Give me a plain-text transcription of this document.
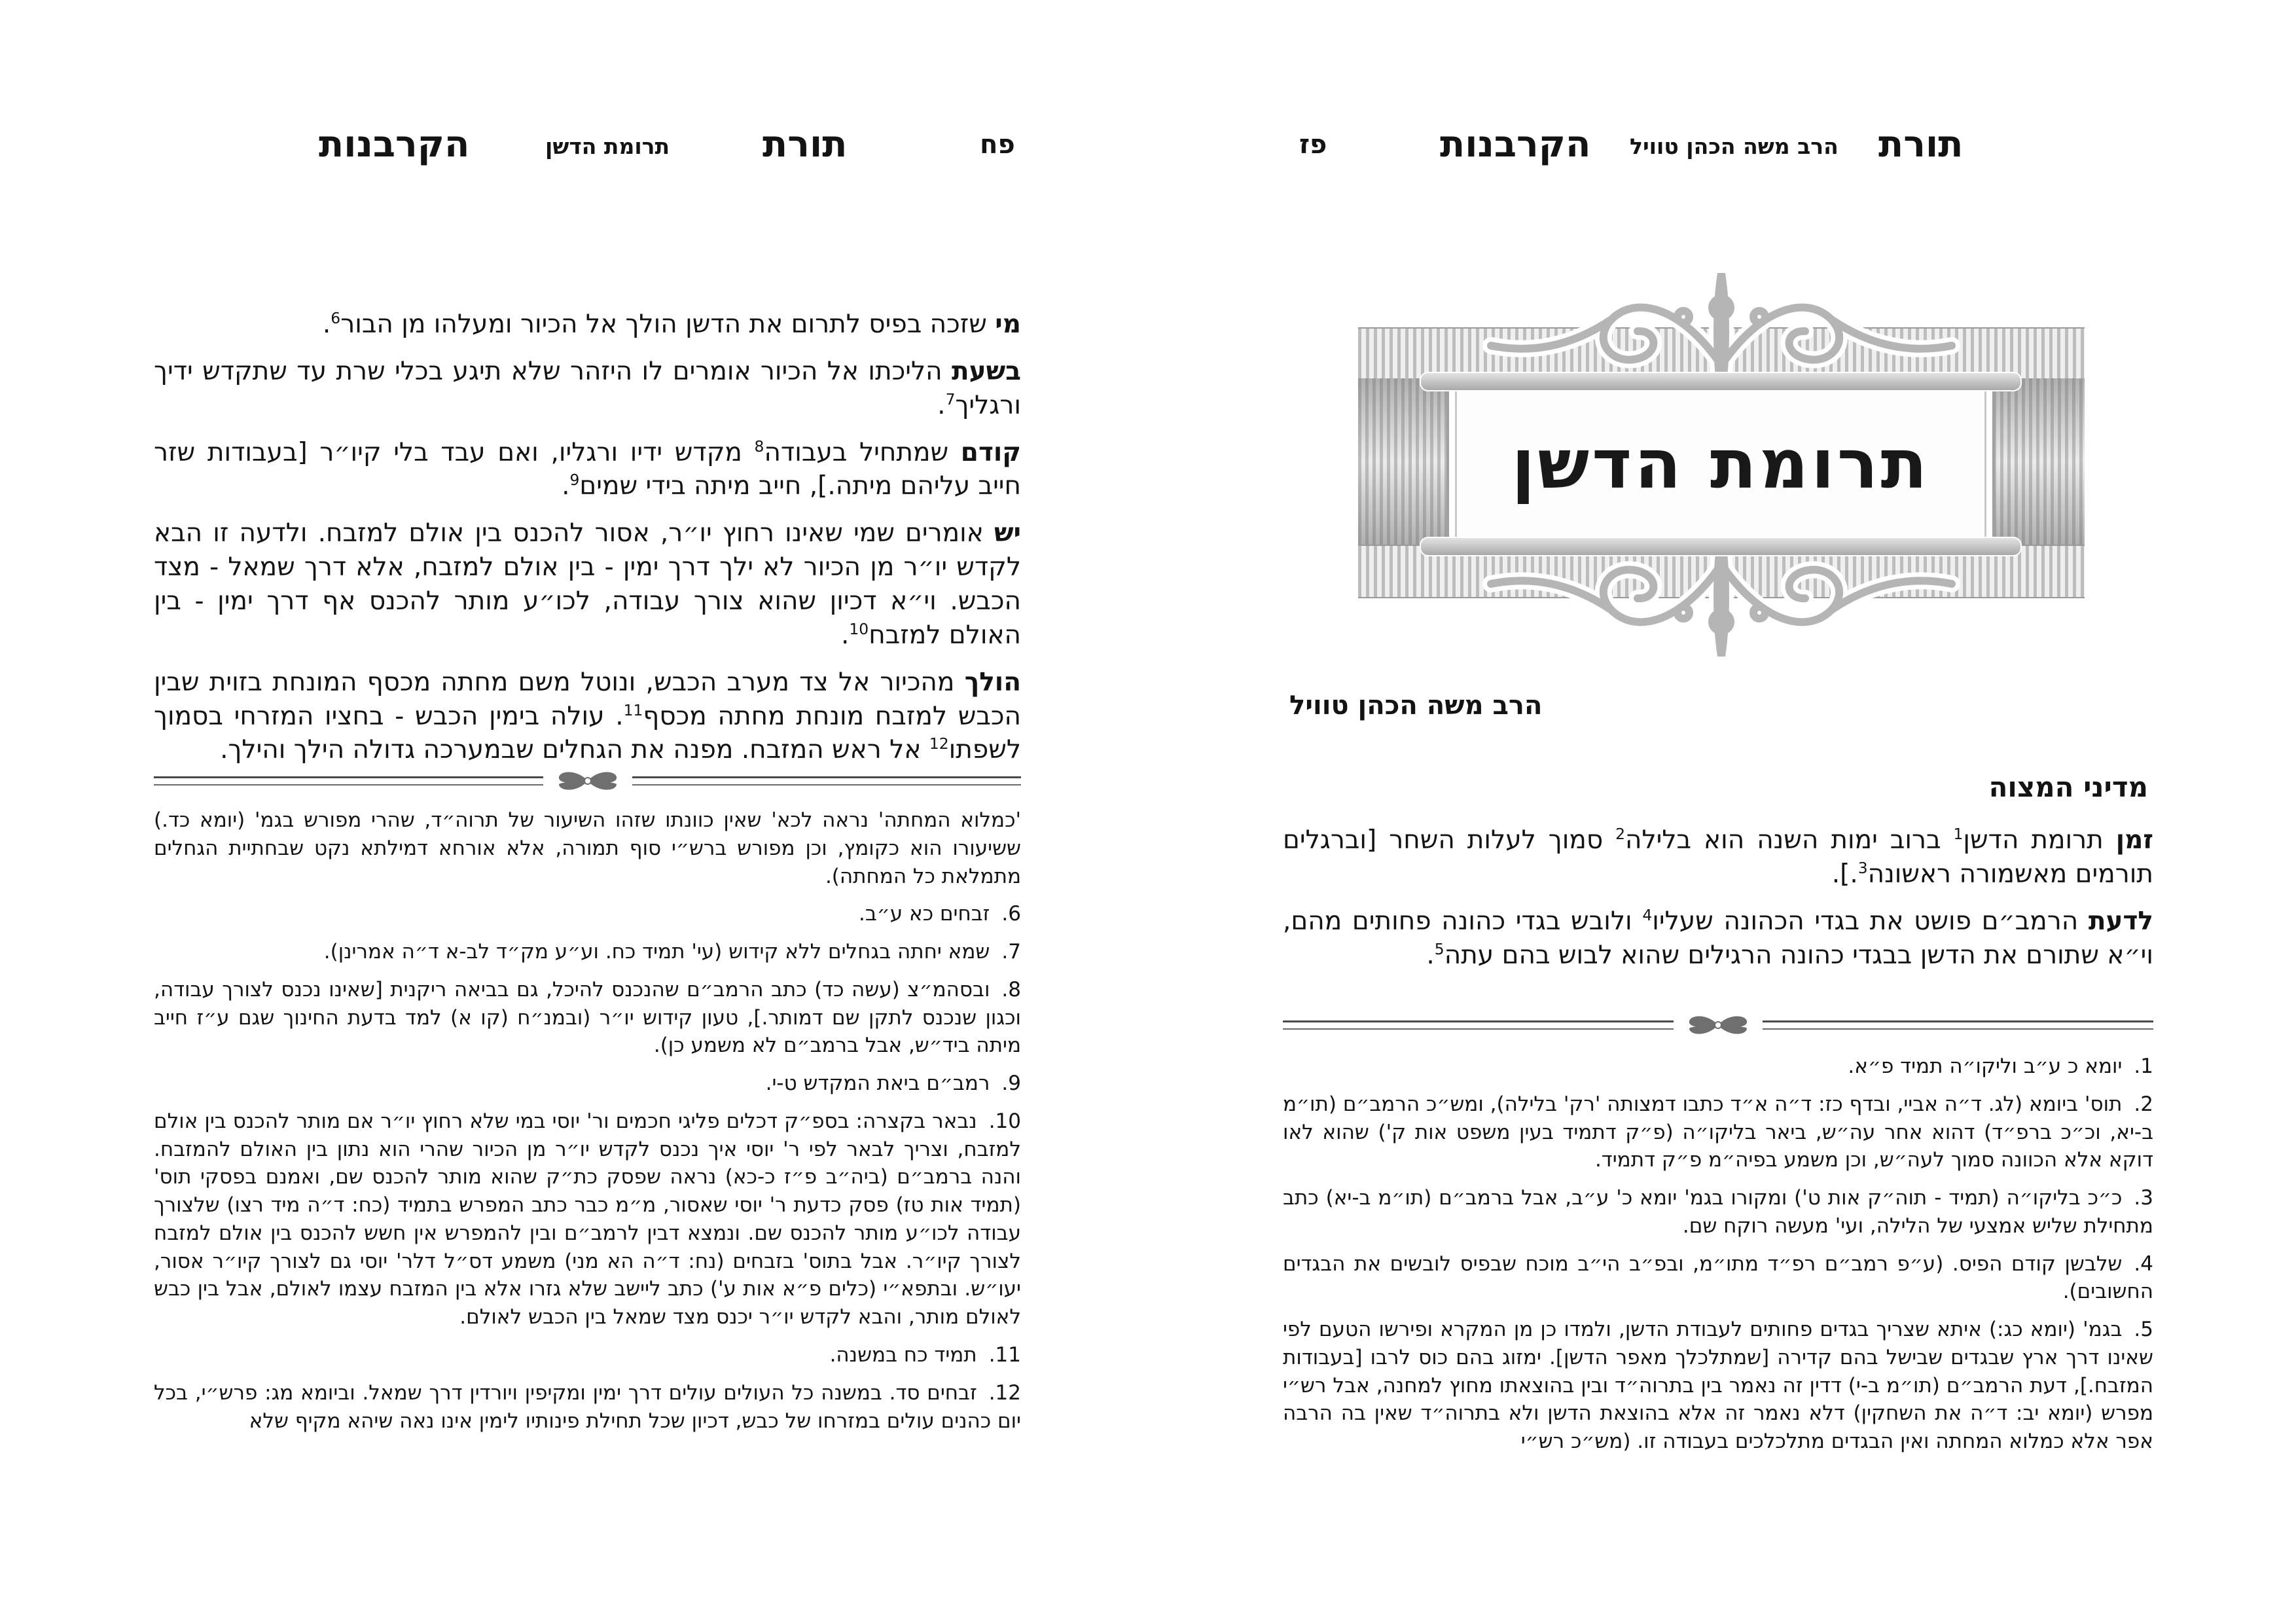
תורת
הרב משה הכהן טוויל
הקרבנות
פז
תרומת הדשן
הרב משה הכהן טוויל
מדיני המצוה
זמן תרומת הדשן$^1$ ברוב ימות השנה הוא בלילה$^2$ סמוך לעלות השחר [וברגלים תורמים מאשמורה ראשונה$^3$.].
לדעת הרמב״ם פושט את בגדי הכהונה שעליו$^4$ ולובש בגדי כהונה פחותים מהם, וי״א שתורם את הדשן בבגדי כהונה הרגילים שהוא לבוש בהם עתה$^5$.
1.יומא כ ע״ב וליקו״ה תמיד פ״א.
2.תוס' ביומא (לג. ד״ה אביי, ובדף כז: ד״ה א״ד כתבו דמצותה 'רק' בלילה), ומש״כ הרמב״ם (תו״מ ב-יא, וכ״כ ברפ״ד) דהוא אחר עה״ש, ביאר בליקו״ה (פ״ק דתמיד בעין משפט אות ק') שהוא לאו דוקא אלא הכוונה סמוך לעה״ש, וכן משמע בפיה״מ פ״ק דתמיד.
3.כ״כ בליקו״ה (תמיד - תוה״ק אות ט') ומקורו בגמ' יומא כ' ע״ב, אבל ברמב״ם (תו״מ ב-יא) כתב מתחילת שליש אמצעי של הלילה, ועי' מעשה רוקח שם.
4.שלבשן קודם הפיס. (ע״פ רמב״ם רפ״ד מתו״מ, ובפ״ב הי״ב מוכח שבפיס לובשים את הבגדים החשובים).
5.בגמ' (יומא כג:) איתא שצריך בגדים פחותים לעבודת הדשן, ולמדו כן מן המקרא ופירשו הטעם לפי שאינו דרך ארץ שבגדים שבישל בהם קדירה [שמתלכלך מאפר הדשן]. ימזוג בהם כוס לרבו [בעבודות המזבח.], דעת הרמב״ם (תו״מ ב-י) דדין זה נאמר בין בתרוה״ד ובין בהוצאתו מחוץ למחנה, אבל רש״י מפרש (יומא יב: ד״ה את השחקין) דלא נאמר זה אלא בהוצאת הדשן ולא בתרוה״ד שאין בה הרבה אפר אלא כמלוא המחתה ואין הבגדים מתלכלכים בעבודה זו. (מש״כ רש״י
פח
תורת
תרומת הדשן
הקרבנות
מי שזכה בפיס לתרום את הדשן הולך אל הכיור ומעלהו מן הבור$^6$.
בשעת הליכתו אל הכיור אומרים לו היזהר שלא תיגע בכלי שרת עד שתקדש ידיך ורגליך$^7$.
קודם שמתחיל בעבודה$^8$ מקדש ידיו ורגליו, ואם עבד בלי קיו״ר [בעבודות שזר חייב עליהם מיתה.], חייב מיתה בידי שמים$^9$.
יש אומרים שמי שאינו רחוץ יו״ר, אסור להכנס בין אולם למזבח. ולדעה זו הבא לקדש יו״ר מן הכיור לא ילך דרך ימין - בין אולם למזבח, אלא דרך שמאל - מצד הכבש. וי״א דכיון שהוא צורך עבודה, לכו״ע מותר להכנס אף דרך ימין - בין האולם למזבח$^{10}$.
הולך מהכיור אל צד מערב הכבש, ונוטל משם מחתה מכסף המונחת בזוית שבין הכבש למזבח מונחת מחתה מכסף$^{11}$. עולה בימין הכבש - בחציו המזרחי בסמוך לשפתו$^{12}$ אל ראש המזבח. מפנה את הגחלים שבמערכה גדולה הילך והילך.
'כמלוא המחתה' נראה לכא' שאין כוונתו שזהו השיעור של תרוה״ד, שהרי מפורש בגמ' (יומא כד.) ששיעורו הוא כקומץ, וכן מפורש ברש״י סוף תמורה, אלא אורחא דמילתא נקט שבחתיית הגחלים מתמלאת כל המחתה).
6.זבחים כא ע״ב.
7.שמא יחתה בגחלים ללא קידוש (עי' תמיד כח. וע״ע מק״ד לב-א ד״ה אמרינן).
8.ובסהמ״צ (עשה כד) כתב הרמב״ם שהנכנס להיכל, גם בביאה ריקנית [שאינו נכנס לצורך עבודה, וכגון שנכנס לתקן שם דמותר.], טעון קידוש יו״ר (ובמנ״ח (קו א) למד בדעת החינוך שגם ע״ז חייב מיתה ביד״ש, אבל ברמב״ם לא משמע כן).
9.רמב״ם ביאת המקדש ט-י.
10.נבאר בקצרה: בספ״ק דכלים פליגי חכמים ור' יוסי במי שלא רחוץ יו״ר אם מותר להכנס בין אולם למזבח, וצריך לבאר לפי ר' יוסי איך נכנס לקדש יו״ר מן הכיור שהרי הוא נתון בין האולם להמזבח. והנה ברמב״ם (ביה״ב פ״ז כ-כא) נראה שפסק כת״ק שהוא מותר להכנס שם, ואמנם בפסקי תוס' (תמיד אות טז) פסק כדעת ר' יוסי שאסור, מ״מ כבר כתב המפרש בתמיד (כח: ד״ה מיד רצו) שלצורך עבודה לכו״ע מותר להכנס שם. ונמצא דבין לרמב״ם ובין להמפרש אין חשש להכנס בין אולם למזבח לצורך קיו״ר. אבל בתוס' בזבחים (נח: ד״ה הא מני) משמע דס״ל דלר' יוסי גם לצורך קיו״ר אסור, יעו״ש. ובתפא״י (כלים פ״א אות ע') כתב ליישב שלא גזרו אלא בין המזבח עצמו לאולם, אבל בין כבש לאולם מותר, והבא לקדש יו״ר יכנס מצד שמאל בין הכבש לאולם.
11.תמיד כח במשנה.
12.זבחים סד. במשנה כל העולים עולים דרך ימין ומקיפין ויורדין דרך שמאל. וביומא מג: פרש״י, בכל יום כהנים עולים במזרחו של כבש, דכיון שכל תחילת פינותיו לימין אינו נאה שיהא מקיף שלא
